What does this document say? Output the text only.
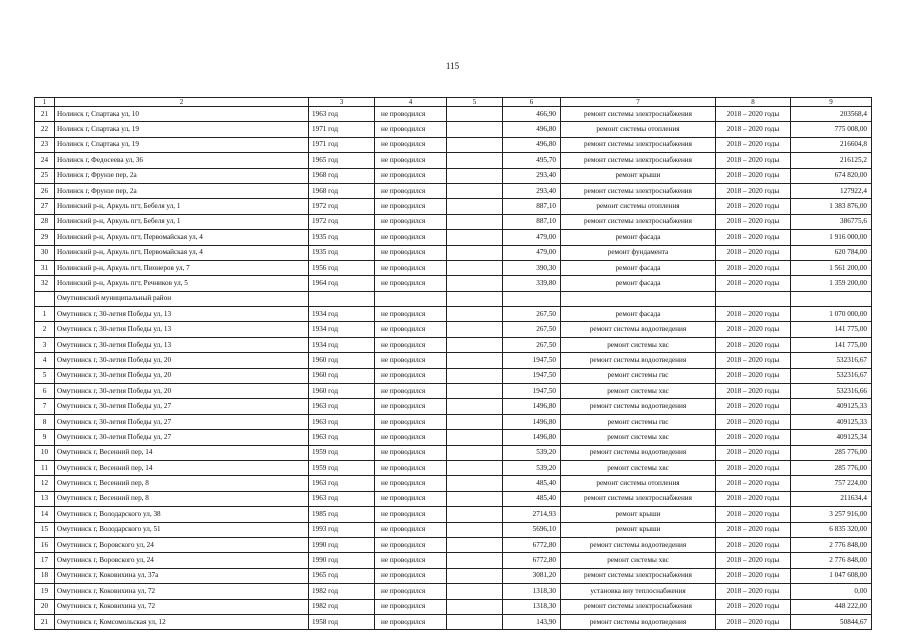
115
1	2	3	4	5	6	7	8	9
21	Нолинск г, Спартака ул, 10	1963 год	не проводился		466,90	ремонт системы электроснабжения	2018 – 2020 годы	203568,4
22	Нолинск г, Спартака ул, 19	1971 год	не проводился		496,80	ремонт системы отопления	2018 – 2020 годы	775 008,00
23	Нолинск г, Спартака ул, 19	1971 год	не проводился		496,80	ремонт системы электроснабжения	2018 – 2020 годы	216604,8
24	Нолинск г, Федосеева ул, 36	1965 год	не проводился		495,70	ремонт системы электроснабжения	2018 – 2020 годы	216125,2
25	Нолинск г, Фрунзе пер, 2а	1968 год	не проводился		293,40	ремонт крыши	2018 – 2020 годы	674 820,00
26	Нолинск г, Фрунзе пер, 2а	1968 год	не проводился		293,40	ремонт системы электроснабжения	2018 – 2020 годы	127922,4
27	Нолинский р-н, Аркуль пгт, Бебеля ул, 1	1972 год	не проводился		887,10	ремонт системы отопления	2018 – 2020 годы	1 383 876,00
28	Нолинский р-н, Аркуль пгт, Бебеля ул, 1	1972 год	не проводился		887,10	ремонт системы электроснабжения	2018 – 2020 годы	386775,6
29	Нолинский р-н, Аркуль пгт, Первомайская ул, 4	1935 год	не проводился		479,00	ремонт фасада	2018 – 2020 годы	1 916 000,00
30	Нолинский р-н, Аркуль пгт, Первомайская ул, 4	1935 год	не проводился		479,00	ремонт фундамента	2018 – 2020 годы	620 784,00
31	Нолинский р-н, Аркуль пгт, Пионеров ул, 7	1956 год	не проводился		390,30	ремонт фасада	2018 – 2020 годы	1 561 200,00
32	Нолинский р-н, Аркуль пгт, Речников ул, 5	1964 год	не проводился		339,80	ремонт фасада	2018 – 2020 годы	1 359 200,00
	Омутнинский муниципальный район							
1	Омутнинск г, 30-летия Победы ул, 13	1934 год	не проводился		267,50	ремонт фасада	2018 – 2020 годы	1 070 000,00
2	Омутнинск г, 30-летия Победы ул, 13	1934 год	не проводился		267,50	ремонт системы водоотведения	2018 – 2020 годы	141 775,00
3	Омутнинск г, 30-летия Победы ул, 13	1934 год	не проводился		267,50	ремонт системы хвс	2018 – 2020 годы	141 775,00
4	Омутнинск г, 30-летия Победы ул, 20	1960 год	не проводился		1947,50	ремонт системы водоотведения	2018 – 2020 годы	532316,67
5	Омутнинск г, 30-летия Победы ул, 20	1960 год	не проводился		1947,50	ремонт системы гвс	2018 – 2020 годы	532316,67
6	Омутнинск г, 30-летия Победы ул, 20	1960 год	не проводился		1947,50	ремонт системы хвс	2018 – 2020 годы	532316,66
7	Омутнинск г, 30-летия Победы ул, 27	1963 год	не проводился		1496,80	ремонт системы водоотведения	2018 – 2020 годы	409125,33
8	Омутнинск г, 30-летия Победы ул, 27	1963 год	не проводился		1496,80	ремонт системы гвс	2018 – 2020 годы	409125,33
9	Омутнинск г, 30-летия Победы ул, 27	1963 год	не проводился		1496,80	ремонт системы хвс	2018 – 2020 годы	409125,34
10	Омутнинск г, Весенний пер, 14	1959 год	не проводился		539,20	ремонт системы водоотведения	2018 – 2020 годы	285 776,00
11	Омутнинск г, Весенний пер, 14	1959 год	не проводился		539,20	ремонт системы хвс	2018 – 2020 годы	285 776,00
12	Омутнинск г, Весенний пер, 8	1963 год	не проводился		485,40	ремонт системы отопления	2018 – 2020 годы	757 224,00
13	Омутнинск г, Весенний пер, 8	1963 год	не проводился		485,40	ремонт системы электроснабжения	2018 – 2020 годы	211634,4
14	Омутнинск г, Володарского ул, 38	1985 год	не проводился		2714,93	ремонт крыши	2018 – 2020 годы	3 257 916,00
15	Омутнинск г, Володарского ул, 51	1993 год	не проводился		5696,10	ремонт крыши	2018 – 2020 годы	6 835 320,00
16	Омутнинск г, Воровского ул, 24	1990 год	не проводился		6772,80	ремонт системы водоотведения	2018 – 2020 годы	2 776 848,00
17	Омутнинск г, Воровского ул, 24	1990 год	не проводился		6772,80	ремонт системы хвс	2018 – 2020 годы	2 776 848,00
18	Омутнинск г, Коковихина ул, 37а	1965 год	не проводился		3081,20	ремонт системы электроснабжения	2018 – 2020 годы	1 047 608,00
19	Омутнинск г, Коковихина ул, 72	1982 год	не проводился		1318,30	установка вну теплоснабжения	2018 – 2020 годы	0,00
20	Омутнинск г, Коковихина ул, 72	1982 год	не проводился		1318,30	ремонт системы электроснабжения	2018 – 2020 годы	448 222,00
21	Омутнинск г, Комсомольская ул, 12	1958 год	не проводился		143,90	ремонт системы водоотведения	2018 – 2020 годы	50844,67
